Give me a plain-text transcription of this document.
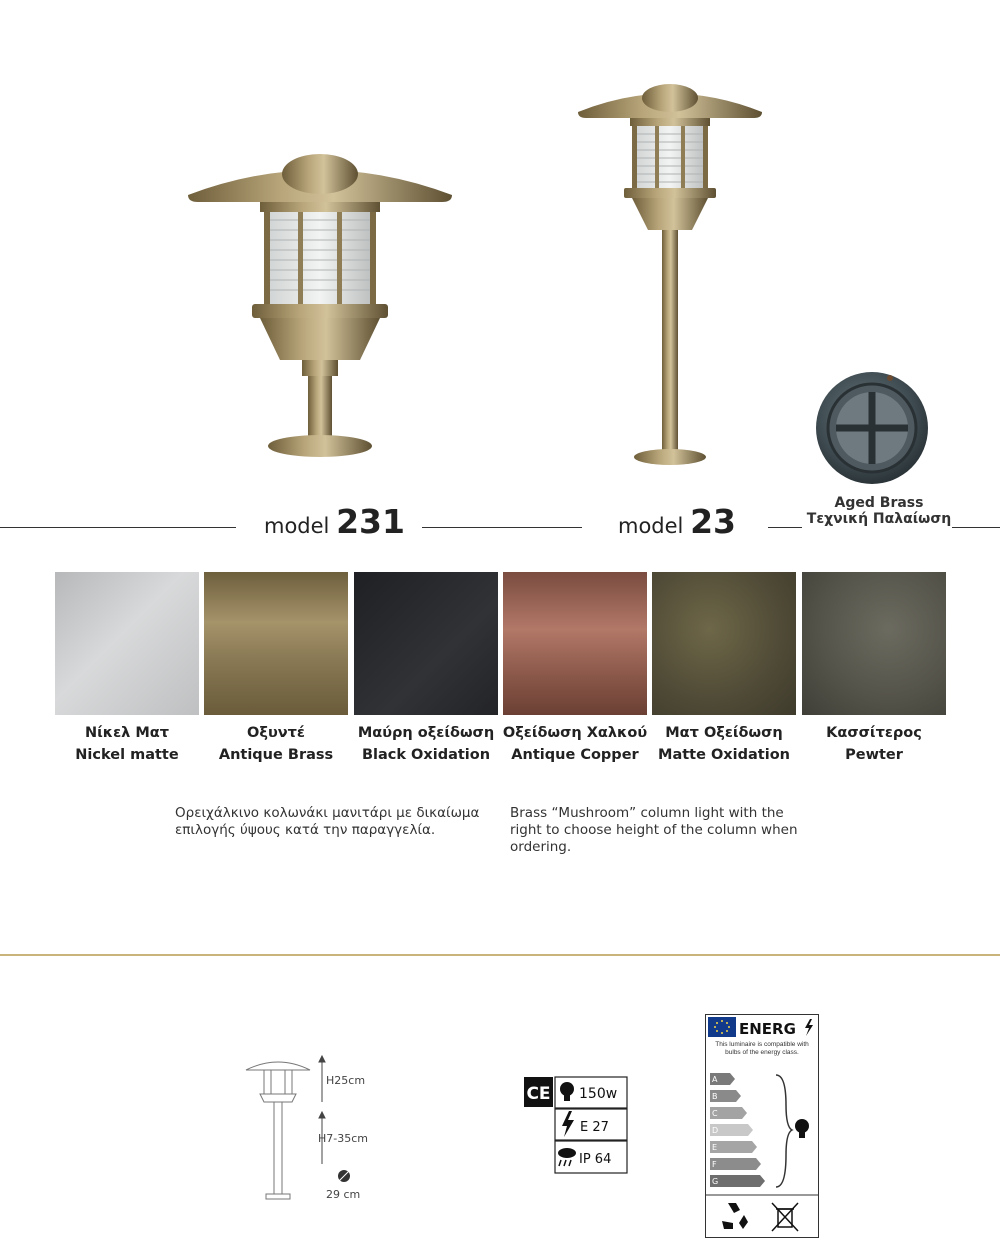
model 231	model 23	Aged Brass
Τεχνική Παλαίωση
Νίκελ Ματ
Nickel matte
Οξυντέ
Antique Brass
Μαύρη οξείδωση
Black Oxidation
Οξείδωση Χαλκού
Antique Copper
Ματ Οξείδωση
Matte Oxidation
Κασσίτερος
Pewter
Ορειχάλκινο κολωνάκι μανιτάρι με δικαίωμα επιλογής ύψους κατά την παραγγελία.
Brass “Mushroom” column light with the right to choose height of the column when ordering.
H25cm
H7-35cm
29 cm
CE 150w
E 27
IP 64
ENERG
This luminaire is compatible with bulbs of the energy class.
A
B
C
D
E
F
G
